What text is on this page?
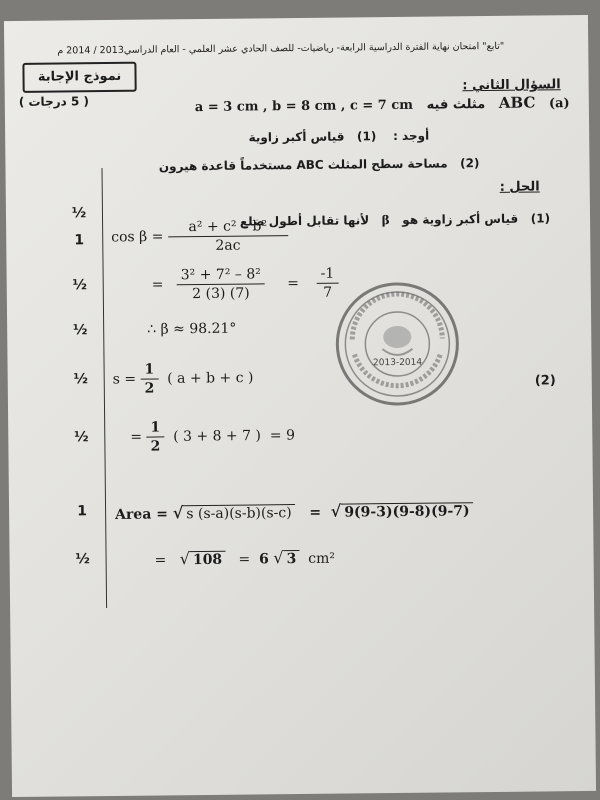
"تابع" امتحان نهاية الفترة الدراسية الرابعة- رياضيات- للصف الحادي عشر العلمي - العام الدراسي2013 / 2014 م
نموذج الإجابة
( 5 درجات )
السؤال الثاني :
a = 3 cm , b = 8 cm , c = 7 cm مثلث فيه ABC (a)
أوجد :    (1)   قياس أكبر زاوية
(2)   مساحة سطح المثلث ABC مستخدماً قاعدة هيرون
الحل :
½
1
½
½
½
½
1
½
(1)   قياس أكبر زاوية هو   β   لأنها تقابل أطول ضلع
$\cos \beta = \frac{\text{a² + c² – b²}}{2ac}$
= $\frac{\text{3² + 7² – 8²}}{2 (3) (7)} = \frac{-1}{7}$
∴ β ≈ 98.21°
$s = \frac{1}{2}$ ( a + b + c )	(2)
= $\frac{1}{2}$ ( 3 + 8 + 7 ) = 9
Area = √ s (s-a)(s-b)(s-c) = √ 9(9-3)(9-8)(9-7)
= √ 108 = 6 √ 3 cm²
2013-2014
